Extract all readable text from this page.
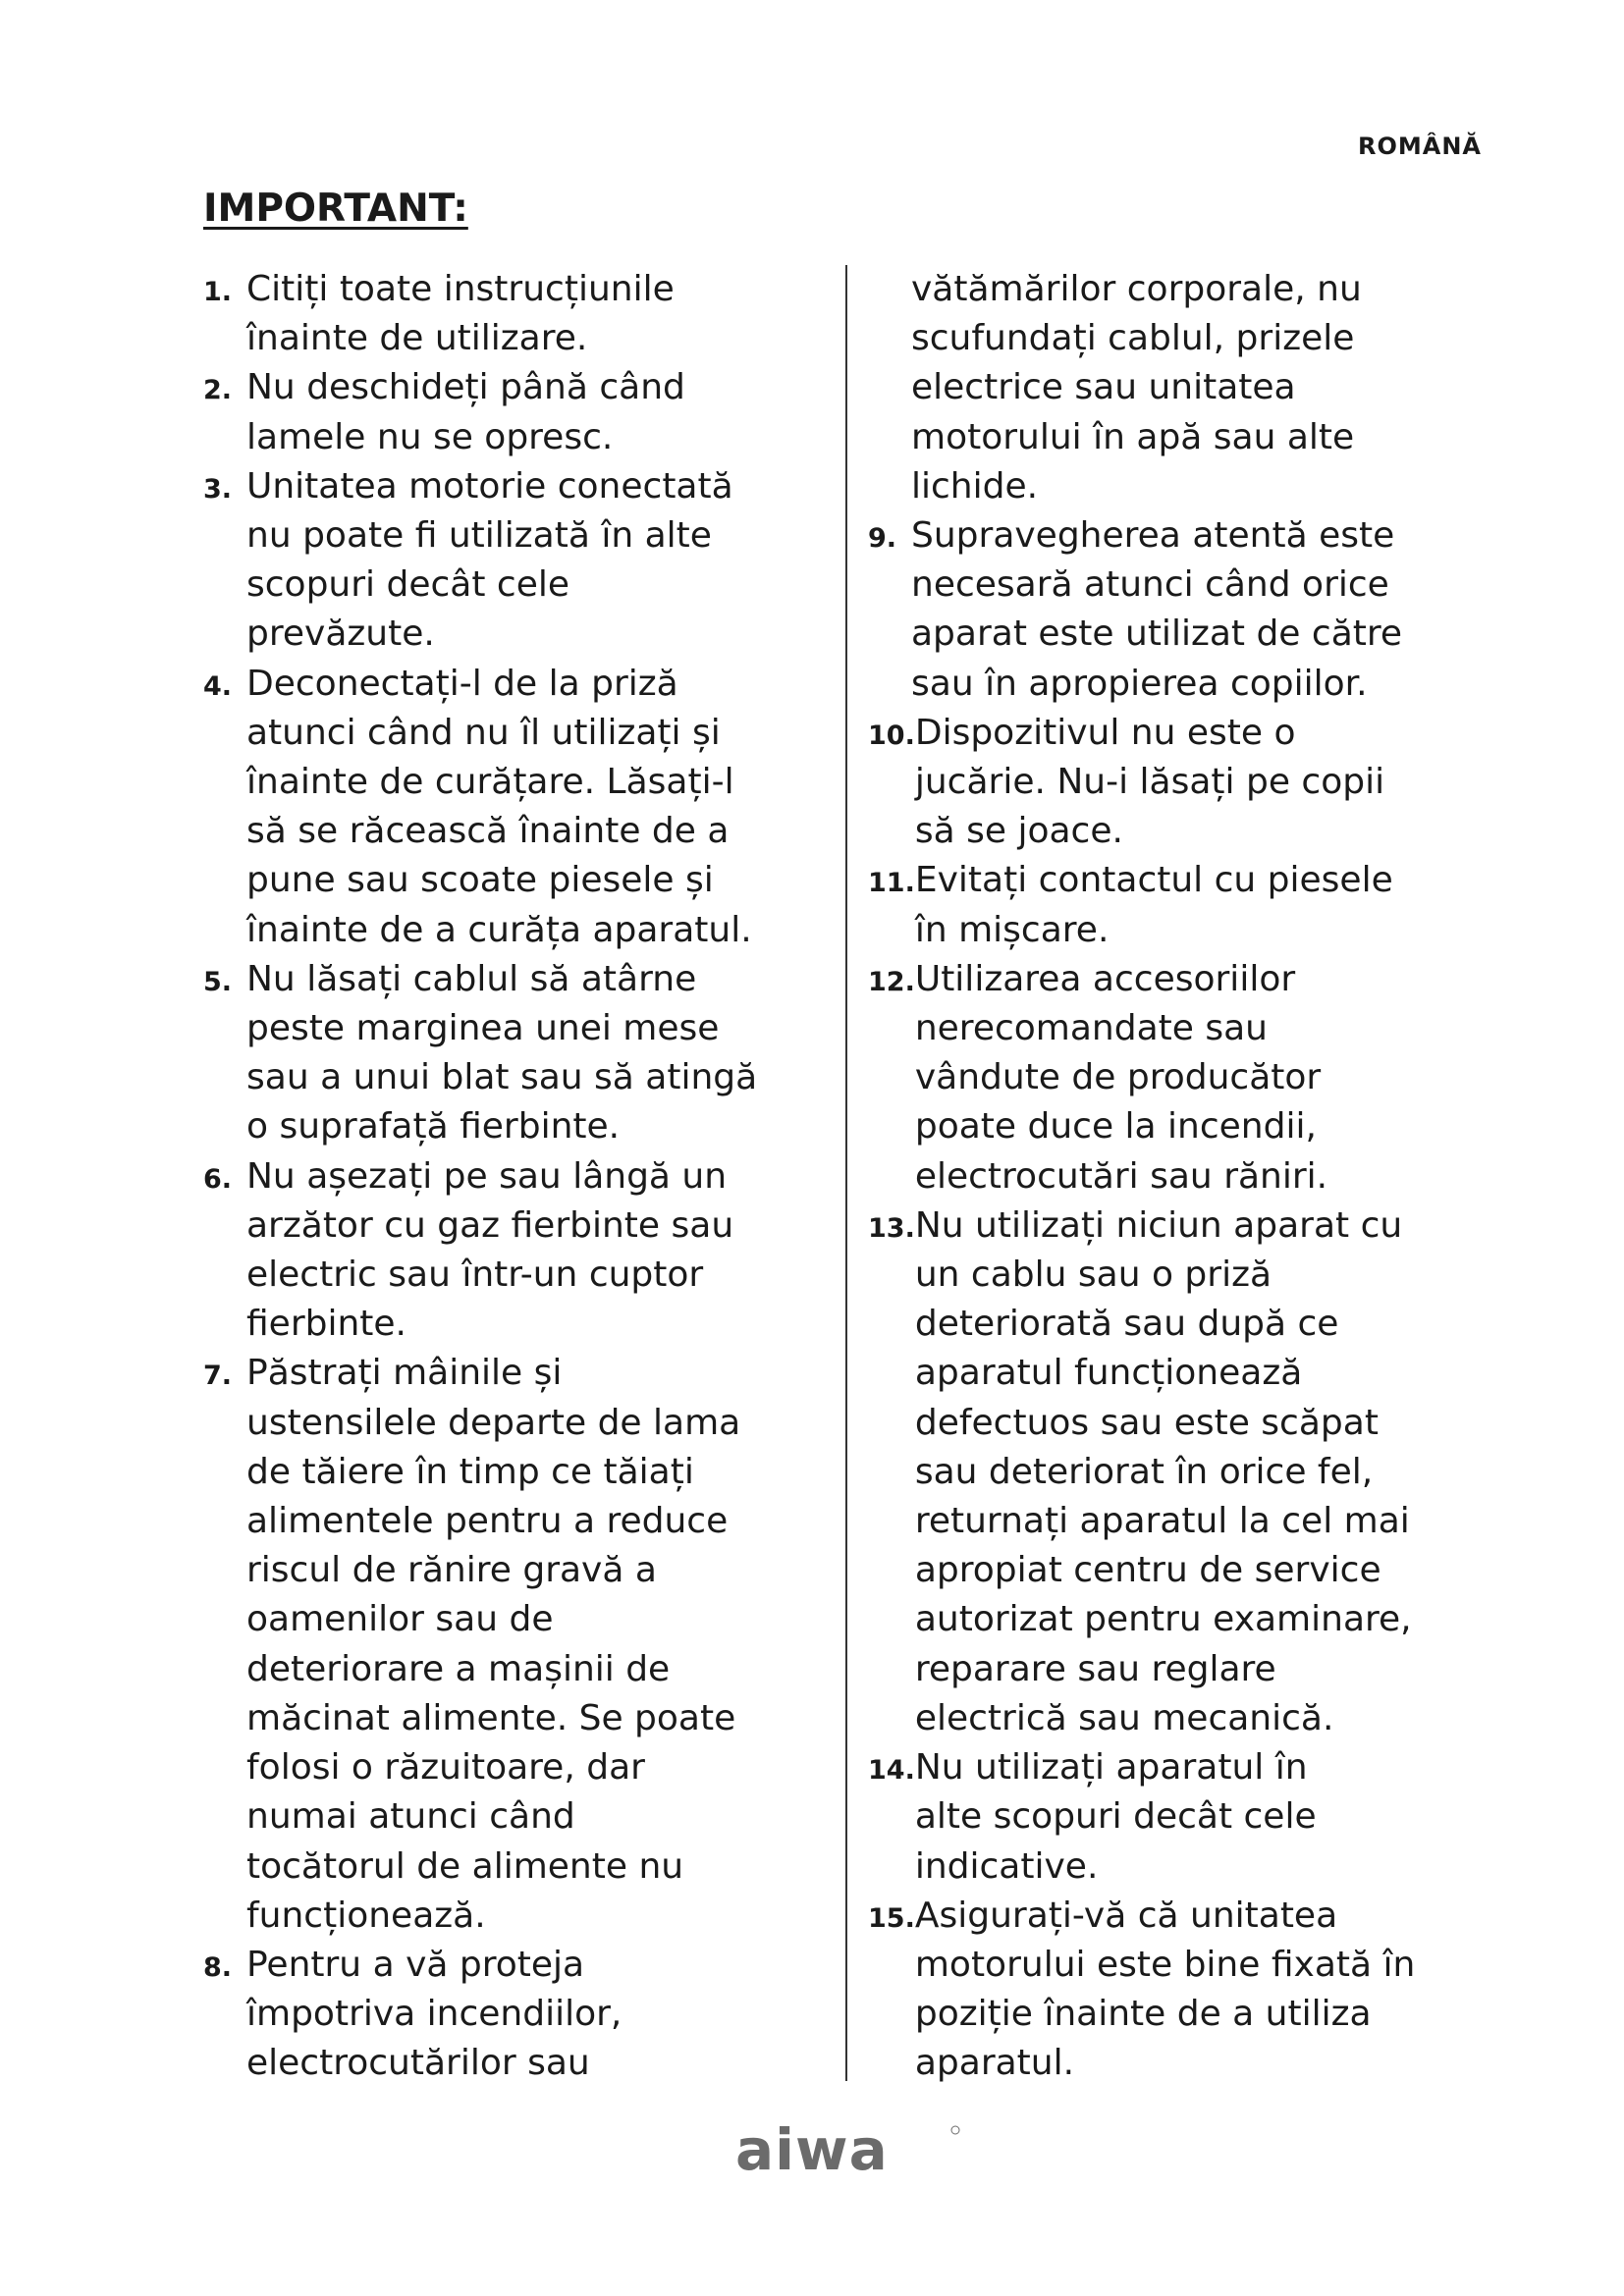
ROMÂNĂ
IMPORTANT:
1. Citiți toate instrucțiunile
înainte de utilizare.
2. Nu deschideți până când
lamele nu se opresc.
3. Unitatea motorie conectată
nu poate fi utilizată în alte
scopuri decât cele
prevăzute.
4. Deconectați-l de la priză
atunci când nu îl utilizați și
înainte de curățare. Lăsați-l
să se răcească înainte de a
pune sau scoate piesele și
înainte de a curăța aparatul.
5. Nu lăsați cablul să atârne
peste marginea unei mese
sau a unui blat sau să atingă
o suprafață fierbinte.
6. Nu așezați pe sau lângă un
arzător cu gaz fierbinte sau
electric sau într-un cuptor
fierbinte.
7. Păstrați mâinile și
ustensilele departe de lama
de tăiere în timp ce tăiați
alimentele pentru a reduce
riscul de rănire gravă a
oamenilor sau de
deteriorare a mașinii de
măcinat alimente. Se poate
folosi o răzuitoare, dar
numai atunci când
tocătorul de alimente nu
funcționează.
8. Pentru a vă proteja
împotriva incendiilor,
electrocutărilor sau
vătămărilor corporale, nu
scufundați cablul, prizele
electrice sau unitatea
motorului în apă sau alte
lichide.
9. Supravegherea atentă este
necesară atunci când orice
aparat este utilizat de către
sau în apropierea copiilor.
10. Dispozitivul nu este o
jucărie. Nu-i lăsați pe copii
să se joace.
11. Evitați contactul cu piesele
în mișcare.
12. Utilizarea accesoriilor
nerecomandate sau
vândute de producător
poate duce la incendii,
electrocutări sau răniri.
13. Nu utilizați niciun aparat cu
un cablu sau o priză
deteriorată sau după ce
aparatul funcționează
defectuos sau este scăpat
sau deteriorat în orice fel,
returnați aparatul la cel mai
apropiat centru de service
autorizat pentru examinare,
reparare sau reglare
electrică sau mecanică.
14. Nu utilizați aparatul în
alte scopuri decât cele
indicative.
15. Asigurați-vă că unitatea
motorului este bine fixată în
poziție înainte de a utiliza
aparatul.
aiwa
